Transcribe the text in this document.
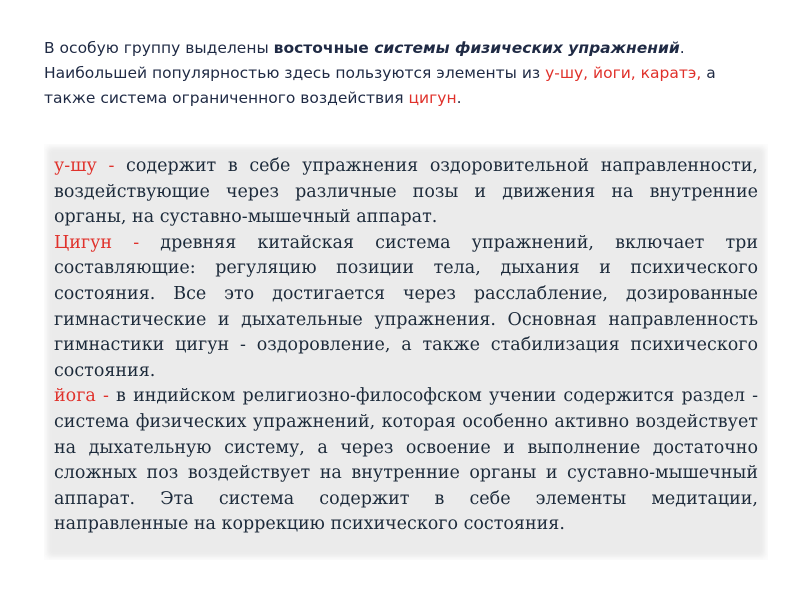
В особую группу выделены восточные системы физических упражнений. Наибольшей популярностью здесь пользуются элементы из у-шу, йоги, каратэ, а также система ограниченного воздействия цигун.

у-шу - содержит в себе упражнения оздоровительной направленности, воздействующие через различные позы и движения на внутренние органы, на суставно-мышечный аппарат.

Цигун - древняя китайская система упражнений, включает три составляющие: регуляцию позиции тела, дыхания и психического состояния. Все это достигается через расслабление, дозированные гимнастические и дыхательные упражнения. Основная направленность гимнастики цигун - оздоровление, а также стабилизация психического состояния.

йога - в индийском религиозно-философском учении содержится раздел - система физических упражнений, которая особенно активно воздействует на дыхательную систему, а через освоение и выполнение достаточно сложных поз воздействует на внутренние органы и суставно-мышечный аппарат. Эта система содержит в себе элементы медитации, направленные на коррекцию психического состояния.
